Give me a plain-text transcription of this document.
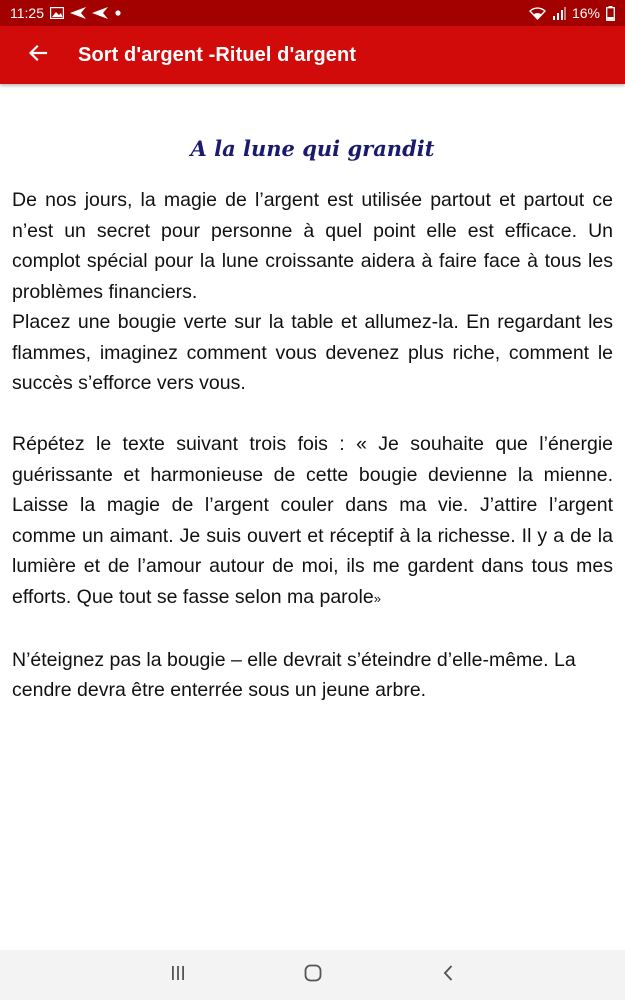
11:25	16%
Sort d'argent -Rituel d'argent
A la lune qui grandit

De nos jours, la magie de l’argent est utilisée partout et partout ce n’est un secret pour personne à quel point elle est efficace. Un complot spécial pour la lune croissante aidera à faire face à tous les problèmes financiers.

Placez une bougie verte sur la table et allumez-la. En regardant les flammes, imaginez comment vous devenez plus riche, comment le succès s’efforce vers vous.

Répétez le texte suivant trois fois : « Je souhaite que l’énergie guérissante et harmonieuse de cette bougie devienne la mienne. Laisse la magie de l’argent couler dans ma vie. J’attire l’argent comme un aimant. Je suis ouvert et réceptif à la richesse. Il y a de la lumière et de l’amour autour de moi, ils me gardent dans tous mes efforts. Que tout se fasse selon ma parole»

N’éteignez pas la bougie – elle devrait s’éteindre d’elle-même. La cendre devra être enterrée sous un jeune arbre.
